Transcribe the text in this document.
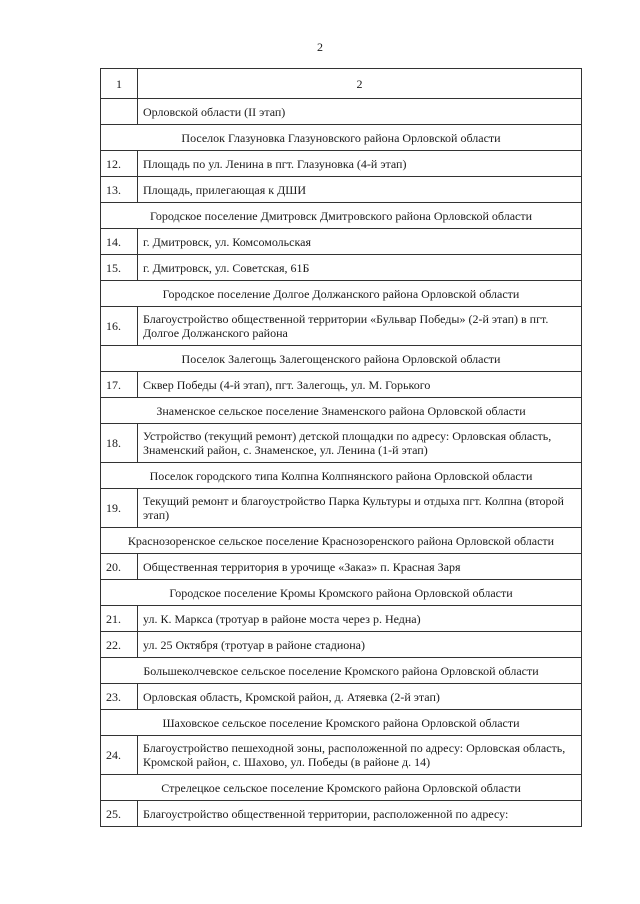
2
1	2
	Орловской области (II этап)
Поселок Глазуновка Глазуновского района Орловской области	
12.	Площадь по ул. Ленина в пгт. Глазуновка (4-й этап)
13.	Площадь, прилегающая к ДШИ
Городское поселение Дмитровск Дмитровского района Орловской области	
14.	г. Дмитровск, ул. Комсомольская
15.	г. Дмитровск, ул. Советская, 61Б
Городское поселение Долгое Должанского района Орловской области	
16.	Благоустройство общественной территории «Бульвар Победы» (2-й этап) в пгт. Долгое Должанского района
Поселок Залегощь Залегощенского района Орловской области	
17.	Сквер Победы (4-й этап), пгт. Залегощь, ул. М. Горького
Знаменское сельское поселение Знаменского района Орловской области	
18.	Устройство (текущий ремонт) детской площадки по адресу: Орловская область, Знаменский район, с. Знаменское, ул. Ленина (1-й этап)
Поселок городского типа Колпна Колпнянского района Орловской области	
19.	Текущий ремонт и благоустройство Парка Культуры и отдыха пгт. Колпна (второй этап)
Краснозоренское сельское поселение Краснозоренского района Орловской области	
20.	Общественная территория в урочище «Заказ» п. Красная Заря
Городское поселение Кромы Кромского района Орловской области	
21.	ул. К. Маркса (тротуар в районе моста через р. Недна)
22.	ул. 25 Октября (тротуар в районе стадиона)
Большеколчевское сельское поселение Кромского района Орловской области	
23.	Орловская область, Кромской район, д. Атяевка (2-й этап)
Шаховское сельское поселение Кромского района Орловской области	
24.	Благоустройство пешеходной зоны, расположенной по адресу: Орловская область, Кромской район, с. Шахово, ул. Победы (в районе д. 14)
Стрелецкое сельское поселение Кромского района Орловской области	
25.	Благоустройство общественной территории, расположенной по адресу:
